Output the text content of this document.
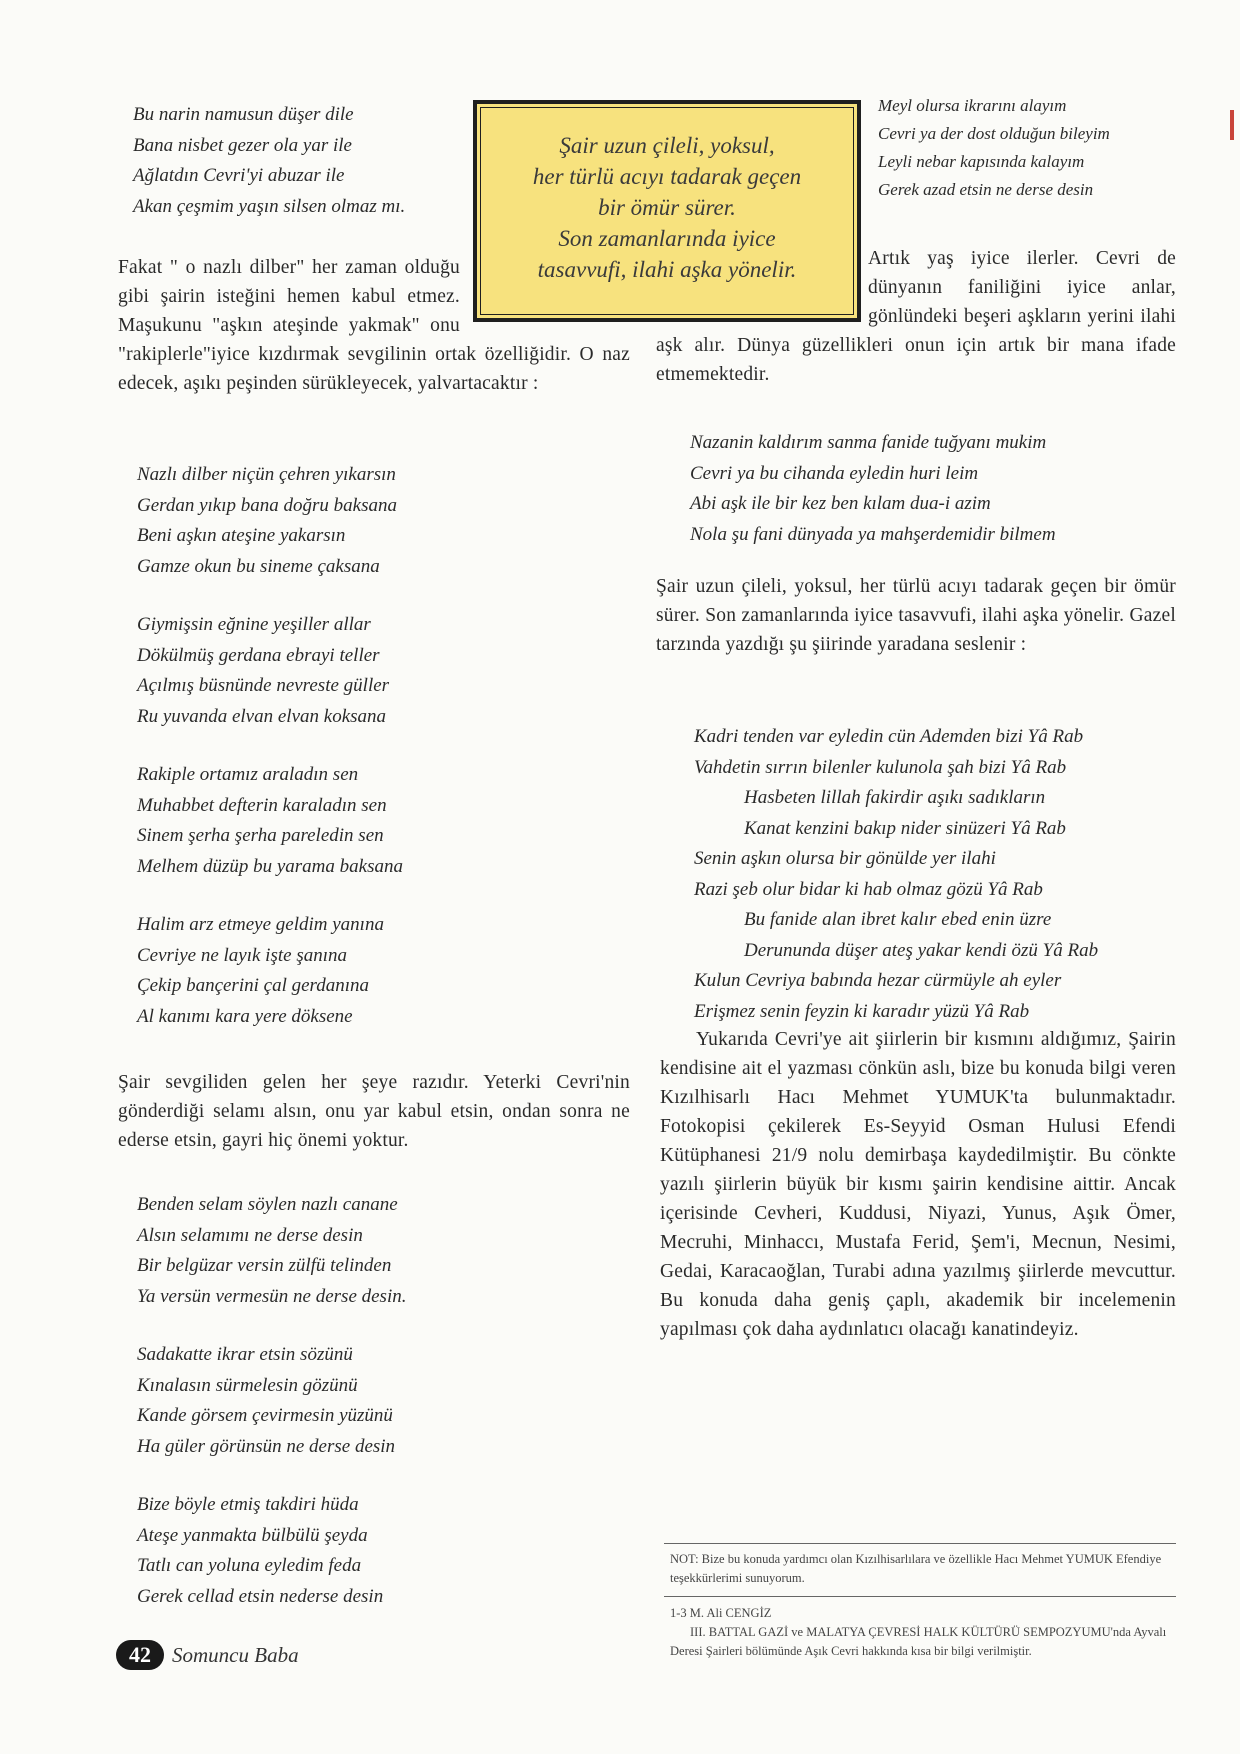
Bu narin namusun düşer dile
Bana nisbet gezer ola yar ile
Ağlatdın Cevri'yi abuzar ile
Akan çeşmim yaşın silsen olmaz mı.
Şair uzun çileli, yoksul,
her türlü acıyı tadarak geçen
bir ömür sürer.
Son zamanlarında iyice
tasavvufi, ilahi aşka yönelir.
Meyl olursa ikrarını alayım
Cevri ya der dost olduğun bileyim
Leyli nebar kapısında kalayım
Gerek azad etsin ne derse desin
Fakat " o nazlı dilber" her zaman olduğu gibi şairin isteğini hemen kabul etmez. Maşukunu "aşkın ateşinde yakmak" onu "rakiplerle"iyice kızdırmak sevgilinin ortak özelliğidir. O naz edecek, aşıkı peşinden sürükleyecek, yalvartacaktır :
Artık yaş iyice ilerler. Cevri de dünyanın faniliğini iyice anlar, gönlündeki beşeri aşkların yerini ilahi aşk alır. Dünya güzellikleri onun için artık bir mana ifade etmemektedir.
Nazlı dilber niçün çehren yıkarsın
Gerdan yıkıp bana doğru baksana
Beni aşkın ateşine yakarsın
Gamze okun bu sineme çaksana
Giymişsin eğnine yeşiller allar
Dökülmüş gerdana ebrayi teller
Açılmış büsnünde nevreste güller
Ru yuvanda elvan elvan koksana
Rakiple ortamız araladın sen
Muhabbet defterin karaladın sen
Sinem şerha şerha pareledin sen
Melhem düzüp bu yarama baksana
Halim arz etmeye geldim yanına
Cevriye ne layık işte şanına
Çekip bançerini çal gerdanına
Al kanımı kara yere döksene
Şair sevgiliden gelen her şeye razıdır. Yeterki Cevri'nin gönderdiği selamı alsın, onu yar kabul etsin, ondan sonra ne ederse etsin, gayri hiç önemi yoktur.
Benden selam söylen nazlı canane
Alsın selamımı ne derse desin
Bir belgüzar versin zülfü telinden
Ya versün vermesün ne derse desin.
Sadakatte ikrar etsin sözünü
Kınalasın sürmelesin gözünü
Kande görsem çevirmesin yüzünü
Ha güler görünsün ne derse desin
Bize böyle etmiş takdiri hüda
Ateşe yanmakta bülbülü şeyda
Tatlı can yoluna eyledim feda
Gerek cellad etsin nederse desin
Nazanin kaldırım sanma fanide tuğyanı mukim
Cevri ya bu cihanda eyledin huri leim
Abi aşk ile bir kez ben kılam dua-i azim
Nola şu fani dünyada ya mahşerdemidir bilmem
Şair uzun çileli, yoksul, her türlü acıyı tadarak geçen bir ömür sürer. Son zamanlarında iyice tasavvufi, ilahi aşka yönelir. Gazel tarzında yazdığı şu şiirinde yaradana seslenir :
Kadri tenden var eyledin cün Ademden bizi Yâ Rab
Vahdetin sırrın bilenler kulunola şah bizi Yâ Rab
Hasbeten lillah fakirdir aşıkı sadıkların
Kanat kenzini bakıp nider sinüzeri Yâ Rab
Senin aşkın olursa bir gönülde yer ilahi
Razi şeb olur bidar ki hab olmaz gözü Yâ Rab
Bu fanide alan ibret kalır ebed enin üzre
Derununda düşer ateş yakar kendi özü Yâ Rab
Kulun Cevriya babında hezar cürmüyle ah eyler
Erişmez senin feyzin ki karadır yüzü Yâ Rab
Yukarıda Cevri'ye ait şiirlerin bir kısmını aldığımız, Şairin kendisine ait el yazması cönkün aslı, bize bu konuda bilgi veren Kızılhisarlı Hacı Mehmet YUMUK'ta bulunmaktadır. Fotokopisi çekilerek Es-Seyyid Osman Hulusi Efendi Kütüphanesi 21/9 nolu demirbaşa kaydedilmiştir. Bu cönkte yazılı şiirlerin büyük bir kısmı şairin kendisine aittir. Ancak içerisinde Cevheri, Kuddusi, Niyazi, Yunus, Aşık Ömer, Mecruhi, Minhaccı, Mustafa Ferid, Şem'i, Mecnun, Nesimi, Gedai, Karacaoğlan, Turabi adına yazılmış şiirlerde mevcuttur. Bu konuda daha geniş çaplı, akademik bir incelemenin yapılması çok daha aydınlatıcı olacağı kanatindeyiz.
NOT: Bize bu konuda yardımcı olan Kızılhisarlılara ve özellikle Hacı Mehmet YUMUK Efendiye teşekkürlerimi sunuyorum.
1-3 M. Ali CENGİZ
III. BATTAL GAZİ ve MALATYA ÇEVRESİ HALK KÜLTÜRÜ SEMPOZYUMU'nda Ayvalı Deresi Şairleri bölümünde Aşık Cevri hakkında kısa bir bilgi verilmiştir.
42	Somuncu Baba
